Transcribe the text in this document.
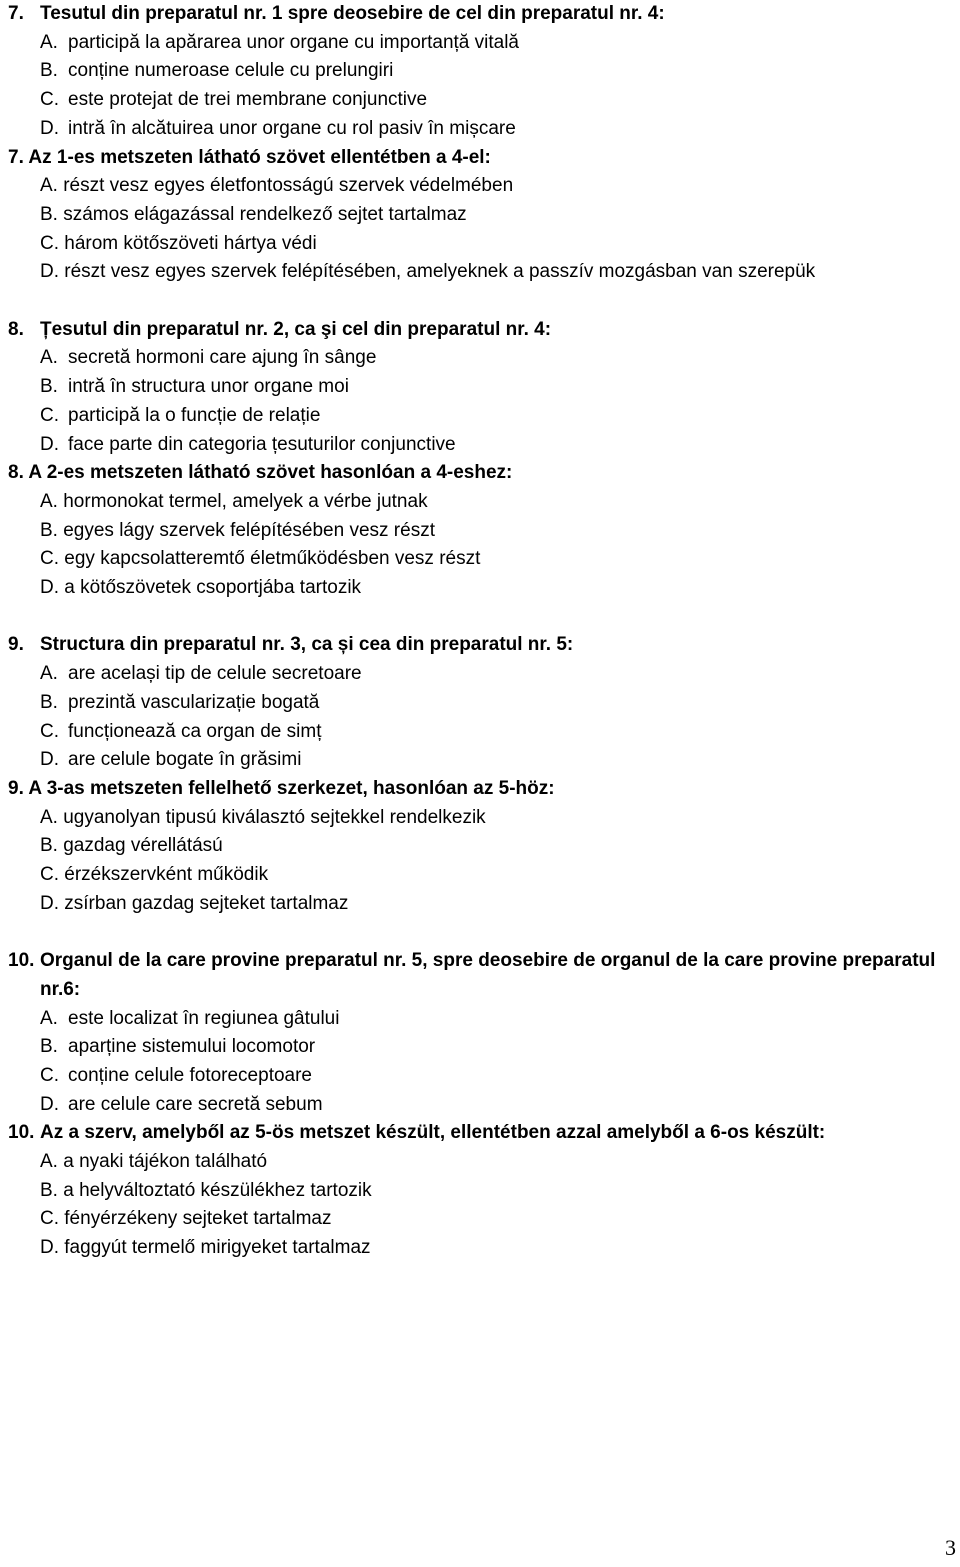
7. Tesutul din preparatul nr. 1 spre deosebire de cel din preparatul nr. 4:
A. participă la apărarea unor organe cu importanță vitală
B. conține numeroase celule cu prelungiri
C. este protejat de trei membrane conjunctive
D. intră în alcătuirea unor organe cu rol pasiv în mișcare
7. Az 1-es metszeten látható szövet ellentétben a 4-el:
A. részt vesz egyes életfontosságú szervek védelmében
B. számos elágazással rendelkező sejtet tartalmaz
C. három kötőszöveti hártya védi
D. részt vesz egyes szervek felépítésében, amelyeknek a passzív mozgásban van szerepük
8. Țesutul din preparatul nr. 2, ca şi cel din preparatul nr. 4:
A. secretă hormoni care ajung în sânge
B. intră în structura unor organe moi
C. participă la o funcție de relație
D. face parte din categoria țesuturilor conjunctive
8. A 2-es metszeten látható szövet hasonlóan a 4-eshez:
A. hormonokat termel, amelyek a vérbe jutnak
B. egyes lágy szervek felépítésében vesz részt
C. egy kapcsolatteremtő életműködésben vesz részt
D. a kötőszövetek csoportjába tartozik
9. Structura din preparatul nr. 3, ca și cea din preparatul nr. 5:
A. are același tip de celule secretoare
B. prezintă vascularizație bogată
C. funcționează ca organ de simț
D. are celule bogate în grăsimi
9. A 3-as metszeten fellelhető szerkezet, hasonlóan az 5-höz:
A. ugyanolyan tipusú kiválasztó sejtekkel rendelkezik
B. gazdag vérellátású
C. érzékszervként működik
D. zsírban gazdag sejteket tartalmaz
10. Organul de la care provine preparatul nr. 5, spre deosebire de organul de la care provine preparatul nr.6:
A. este localizat în regiunea gâtului
B. aparține sistemului locomotor
C. conține celule fotoreceptoare
D. are celule care secretă sebum
10. Az a szerv, amelyből az 5-ös metszet készült, ellentétben azzal amelyből a 6-os készült:
A. a nyaki tájékon található
B. a helyváltoztató készülékhez tartozik
C. fényérzékeny sejteket tartalmaz
D. faggyút termelő mirigyeket tartalmaz
3
